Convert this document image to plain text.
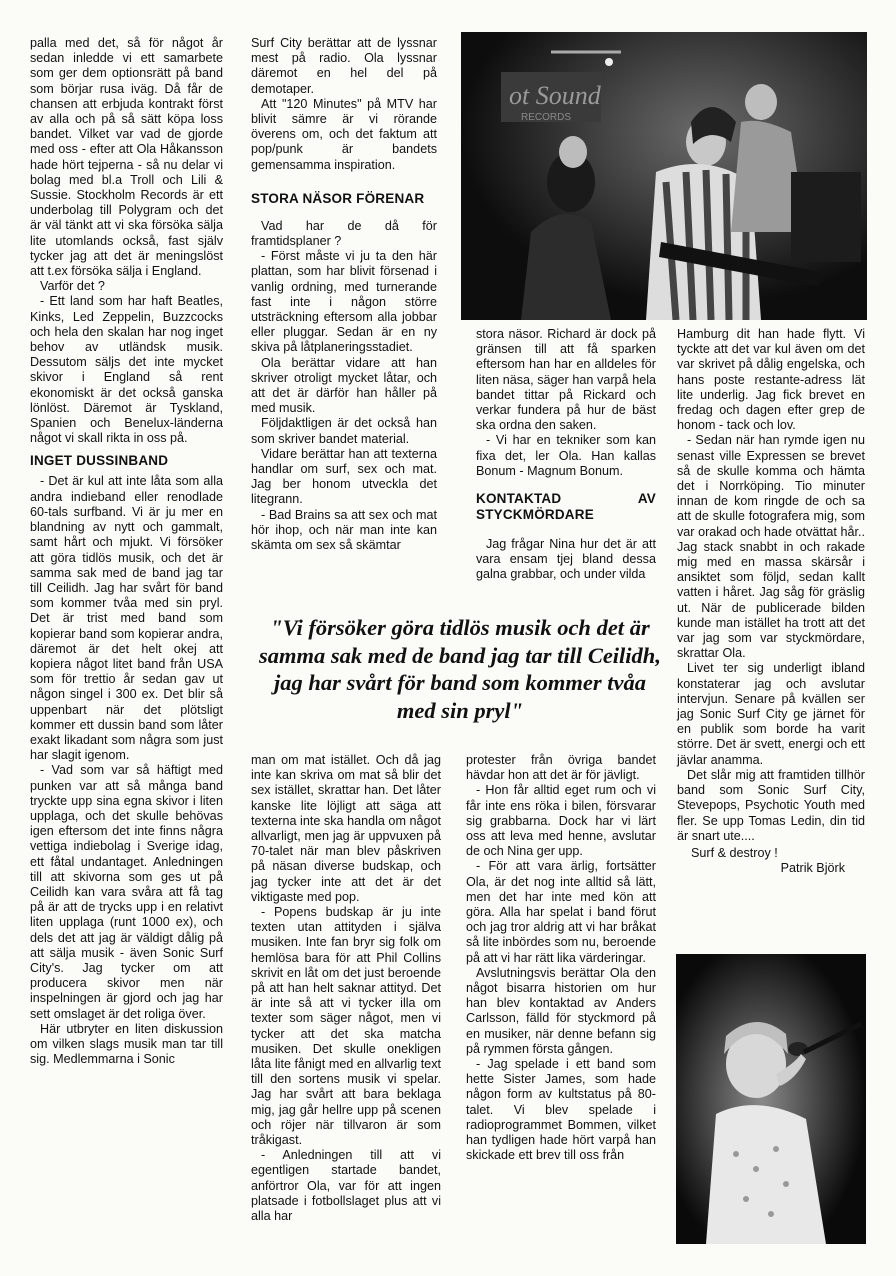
palla med det, så för något år sedan inledde vi ett samarbete som ger dem optionsrätt på band som börjar rusa iväg. Då får de chansen att erbjuda kontrakt först av alla och på så sätt köpa loss bandet. Vilket var vad de gjorde med oss - efter att Ola Håkansson hade hört tejperna - så nu delar vi bolag med bl.a Troll och Lili & Sussie. Stockholm Records är ett underbolag till Polygram och det är väl tänkt att vi ska försöka sälja lite utomlands också, fast själv tycker jag att det är meningslöst att t.ex försöka sälja i England.

Varför det ?

- Ett land som har haft Beatles, Kinks, Led Zeppelin, Buzzcocks och hela den skalan har nog inget behov av utländsk musik. Dessutom säljs det inte mycket skivor i England så rent ekonomiskt är det också ganska lönlöst. Däremot är Tyskland, Spanien och Benelux-länderna något vi skall rikta in oss på.

INGET DUSSINBAND

- Det är kul att inte låta som alla andra indieband eller renodlade 60-tals surfband. Vi är ju mer en blandning av nytt och gammalt, samt hårt och mjukt. Vi försöker att göra tidlös musik, och det är samma sak med de band jag tar till Ceilidh. Jag har svårt för band som kommer tvåa med sin pryl. Det är trist med band som kopierar band som kopierar andra, däremot är det helt okej att kopiera något litet band från USA som för trettio år sedan gav ut någon singel i 300 ex. Det blir så uppenbart när det plötsligt kommer ett dussin band som låter exakt likadant som några som just har slagit igenom.

- Vad som var så häftigt med punken var att så många band tryckte upp sina egna skivor i liten upplaga, och det skulle behövas igen eftersom det inte finns några vettiga indiebolag i Sverige idag, ett fåtal undantaget. Anledningen till att skivorna som ges ut på Ceilidh kan vara svåra att få tag på är att de trycks upp i en relativt liten upplaga (runt 1000 ex), och dels det att jag är väldigt dålig på att sälja musik - även Sonic Surf City's. Jag tycker om att producera skivor men när inspelningen är gjord och jag har sett omslaget är det roliga över.

Här utbryter en liten diskussion om vilken slags musik man tar till sig. Medlemmarna i Sonic

Surf City berättar att de lyssnar mest på radio. Ola lyssnar däremot en hel del på demotaper.

Att "120 Minutes" på MTV har blivit sämre är vi rörande överens om, och det faktum att pop/punk är bandets gemensamma inspiration.

STORA NÄSOR FÖRENAR

Vad har de då för framtidsplaner ?

- Först måste vi ju ta den här plattan, som har blivit försenad i vanlig ordning, med turnerande fast inte i någon större utsträckning eftersom alla jobbar eller pluggar. Sedan är en ny skiva på låtplaneringsstadiet.

Ola berättar vidare att han skriver otroligt mycket låtar, och att det är därför han håller på med musik.

Följdaktligen är det också han som skriver bandet material.

Vidare berättar han att texterna handlar om surf, sex och mat. Jag ber honom utveckla det litegrann.

- Bad Brains sa att sex och mat hör ihop, och när man inte kan skämta om sex så skämtar

ot Sound
RECORDS

stora näsor. Richard är dock på gränsen till att få sparken eftersom han har en alldeles för liten näsa, säger han varpå hela bandet tittar på Rickard och verkar fundera på hur de bäst ska ordna den saken.

- Vi har en tekniker som kan fixa det, ler Ola. Han kallas Bonum - Magnum Bonum.

KONTAKTAD AV STYCKMÖRDARE

Jag frågar Nina hur det är att vara ensam tjej bland dessa galna grabbar, och under vilda

Hamburg dit han hade flytt. Vi tyckte att det var kul även om det var skrivet på dålig engelska, och hans poste restante-adress lät lite underlig. Jag fick brevet en fredag och dagen efter grep de honom - tack och lov.

- Sedan när han rymde igen nu senast ville Expressen se brevet så de skulle komma och hämta det i Norrköping. Tio minuter innan de kom ringde de och sa att de skulle fotografera mig, som var orakad och hade otvättat hår.. Jag stack snabbt in och rakade mig med en massa skärsår i ansiktet som följd, sedan kallt vatten i håret. Jag såg för gräslig ut. När de publicerade bilden kunde man istället ha trott att det var jag som var styckmördare, skrattar Ola.

Livet ter sig underligt ibland konstaterar jag och avslutar intervjun. Senare på kvällen ser jag Sonic Surf City ge järnet för en publik som borde ha varit större. Det är svett, energi och ett jävlar anamma.

Det slår mig att framtiden tillhör band som Sonic Surf City, Stevepops, Psychotic Youth med fler. Se upp Tomas Ledin, din tid är snart ute....

Surf & destroy !

Patrik Björk

"Vi försöker göra tidlös musik och det är samma sak med de band jag tar till Ceilidh, jag har svårt för band som kommer tvåa med sin pryl"

man om mat istället. Och då jag inte kan skriva om mat så blir det sex istället, skrattar han. Det låter kanske lite löjligt att säga att texterna inte ska handla om något allvarligt, men jag är uppvuxen på 70-talet när man blev påskriven på näsan diverse budskap, och jag tycker inte att det är det viktigaste med pop.

- Popens budskap är ju inte texten utan attityden i själva musiken. Inte fan bryr sig folk om hemlösa bara för att Phil Collins skrivit en låt om det just beroende på att han helt saknar attityd. Det är inte så att vi tycker illa om texter som säger något, men vi tycker att det ska matcha musiken. Det skulle onekligen låta lite fånigt med en allvarlig text till den sortens musik vi spelar. Jag har svårt att bara beklaga mig, jag går hellre upp på scenen och röjer när tillvaron är som tråkigast.

- Anledningen till att vi egentligen startade bandet, anförtror Ola, var för att ingen platsade i fotbollslaget plus att vi alla har

protester från övriga bandet hävdar hon att det är för jävligt.

- Hon får alltid eget rum och vi får inte ens röka i bilen, försvarar sig grabbarna. Dock har vi lärt oss att leva med henne, avslutar de och Nina ger upp.

- För att vara ärlig, fortsätter Ola, är det nog inte alltid så lätt, men det har inte med kön att göra. Alla har spelat i band förut och jag tror aldrig att vi har bråkat så lite inbördes som nu, beroende på att vi har rätt lika värderingar.

Avslutningsvis berättar Ola den något bisarra historien om hur han blev kontaktad av Anders Carlsson, fälld för styckmord på en musiker, när denne befann sig på rymmen första gången.

- Jag spelade i ett band som hette Sister James, som hade någon form av kultstatus på 80-talet. Vi blev spelade i radioprogrammet Bommen, vilket han tydligen hade hört varpå han skickade ett brev till oss från
